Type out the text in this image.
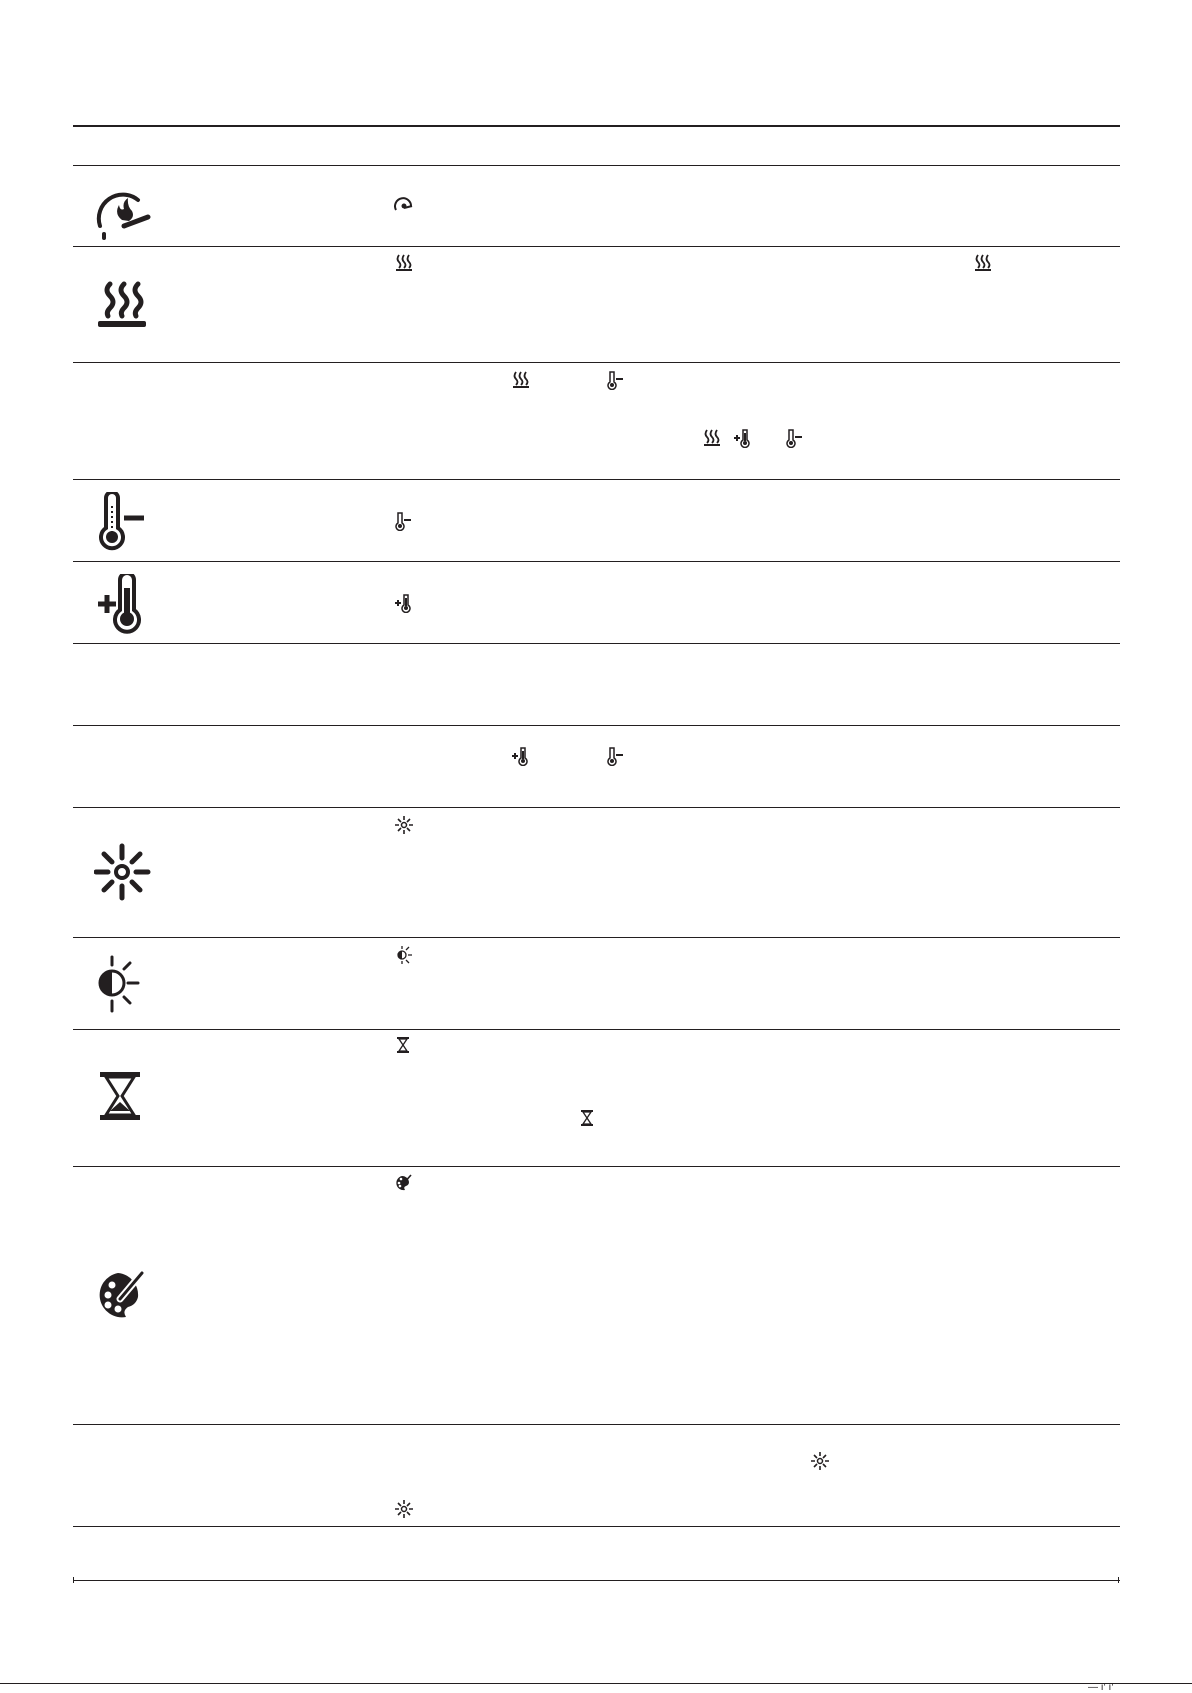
— ı‘ ı‘
